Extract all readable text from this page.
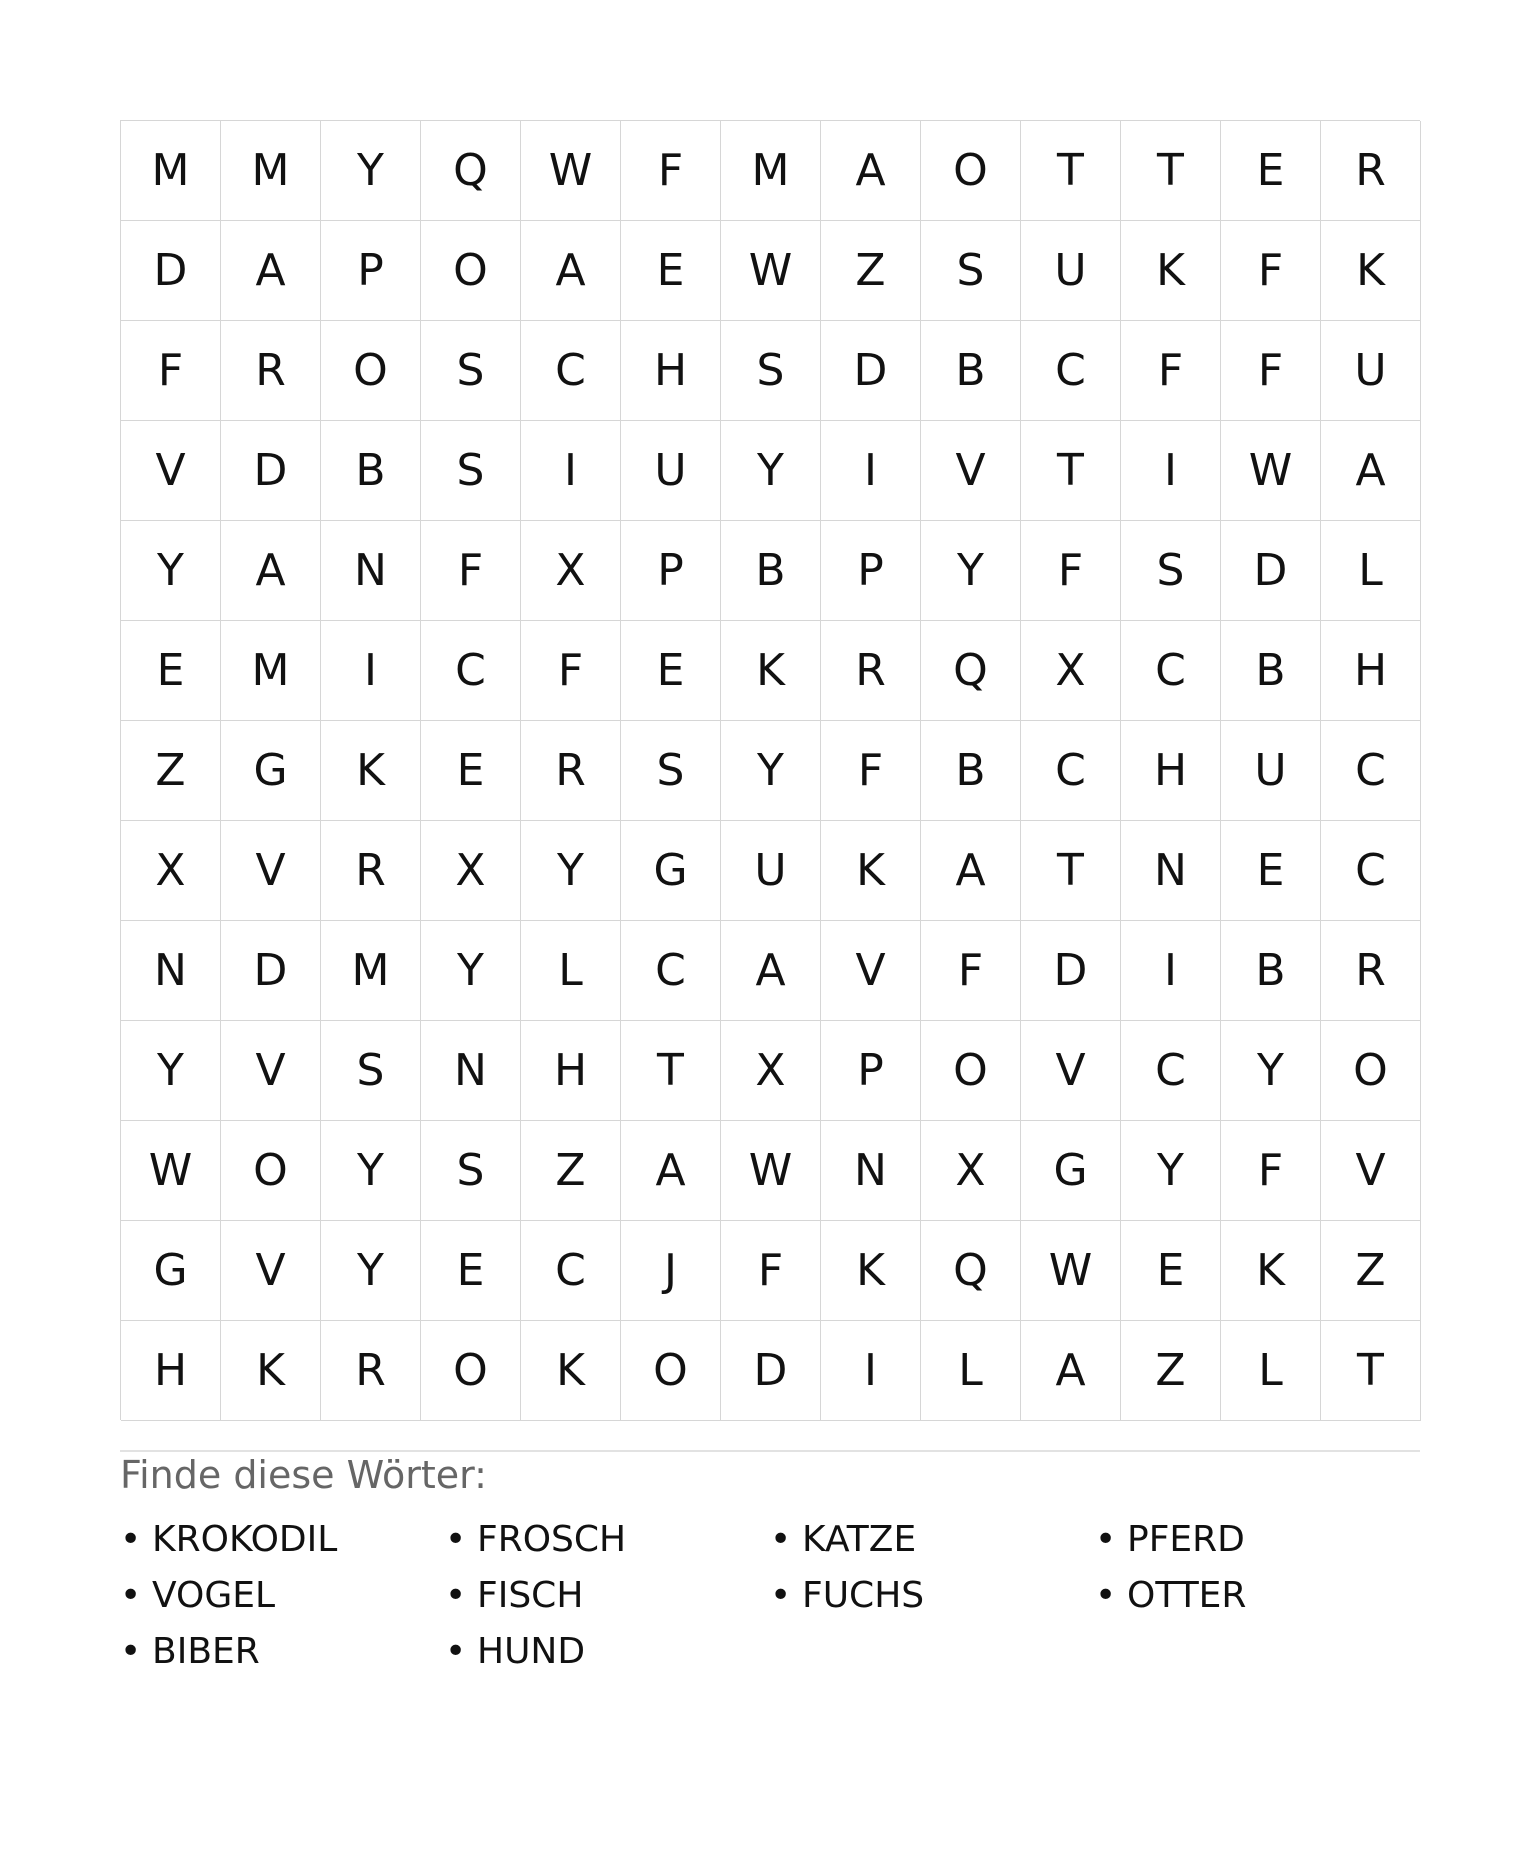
M	M	Y	Q	W	F	M	A	O	T	T	E	R
D	A	P	O	A	E	W	Z	S	U	K	F	K
F	R	O	S	C	H	S	D	B	C	F	F	U
V	D	B	S	I	U	Y	I	V	T	I	W	A
Y	A	N	F	X	P	B	P	Y	F	S	D	L
E	M	I	C	F	E	K	R	Q	X	C	B	H
Z	G	K	E	R	S	Y	F	B	C	H	U	C
X	V	R	X	Y	G	U	K	A	T	N	E	C
N	D	M	Y	L	C	A	V	F	D	I	B	R
Y	V	S	N	H	T	X	P	O	V	C	Y	O
W	O	Y	S	Z	A	W	N	X	G	Y	F	V
G	V	Y	E	C	J	F	K	Q	W	E	K	Z
H	K	R	O	K	O	D	I	L	A	Z	L	T
Finde diese Wörter:
• KROKODIL	• FROSCH	• KATZE	• PFERD
• VOGEL	• FISCH	• FUCHS	• OTTER
• BIBER	• HUND
